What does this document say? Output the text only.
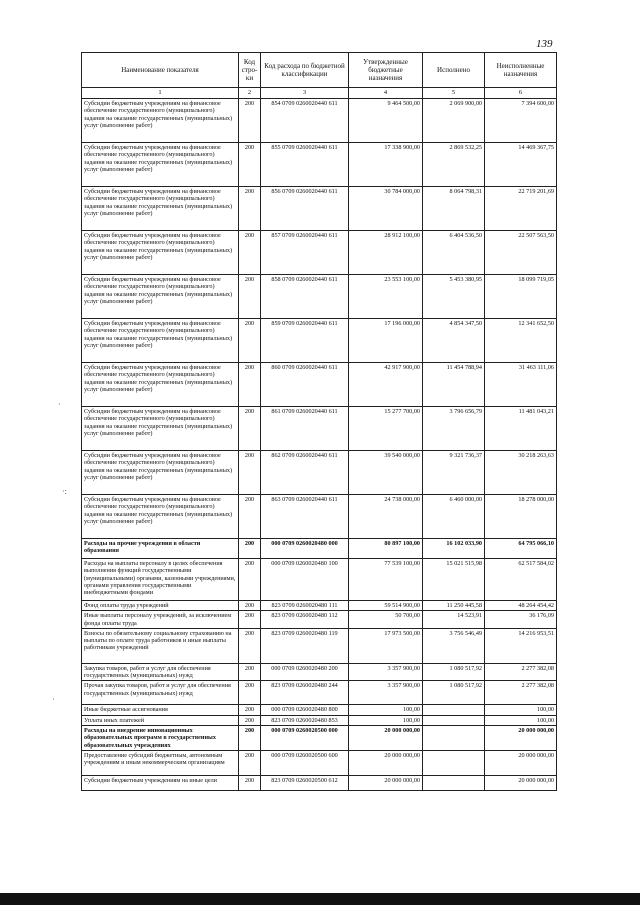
139
Наименование показателя	Код стро- ки	Код расхода по бюджетной классификации	Утвержденные бюджетные назначения	Исполнено	Неисполненные назначения
1	2	3	4	5	6
Субсидии бюджетным учреждениям на финансовое обеспечение государственного (муниципального) задания на оказание государственных (муниципальных) услуг (выполнение работ)	200	854 0709 0260020440 611	9 464 500,00	2 069 900,00	7 394 600,00
Субсидии бюджетным учреждениям на финансовое обеспечение государственного (муниципального) задания на оказание государственных (муниципальных) услуг (выполнение работ)	200	855 0709 0260020440 611	17 338 900,00	2 869 532,25	14 469 367,75
Субсидии бюджетным учреждениям на финансовое обеспечение государственного (муниципального) задания на оказание государственных (муниципальных) услуг (выполнение работ)	200	856 0709 0260020440 611	30 784 000,00	8 064 798,31	22 719 201,69
Субсидии бюджетным учреждениям на финансовое обеспечение государственного (муниципального) задания на оказание государственных (муниципальных) услуг (выполнение работ)	200	857 0709 0260020440 611	28 912 100,00	6 404 536,50	22 507 563,50
Субсидии бюджетным учреждениям на финансовое обеспечение государственного (муниципального) задания на оказание государственных (муниципальных) услуг (выполнение работ)	200	858 0709 0260020440 611	23 553 100,00	5 453 380,95	18 099 719,05
Субсидии бюджетным учреждениям на финансовое обеспечение государственного (муниципального) задания на оказание государственных (муниципальных) услуг (выполнение работ)	200	859 0709 0260020440 611	17 196 000,00	4 854 347,50	12 341 652,50
Субсидии бюджетным учреждениям на финансовое обеспечение государственного (муниципального) задания на оказание государственных (муниципальных) услуг (выполнение работ)	200	860 0709 0260020440 611	42 917 900,00	11 454 788,94	31 463 111,06
Субсидии бюджетным учреждениям на финансовое обеспечение государственного (муниципального) задания на оказание государственных (муниципальных) услуг (выполнение работ)	200	861 0709 0260020440 611	15 277 700,00	3 796 656,79	11 481 043,21
Субсидии бюджетным учреждениям на финансовое обеспечение государственного (муниципального) задания на оказание государственных (муниципальных) услуг (выполнение работ)	200	862 0709 0260020440 611	39 540 000,00	9 321 736,37	30 218 263,63
Субсидии бюджетным учреждениям на финансовое обеспечение государственного (муниципального) задания на оказание государственных (муниципальных) услуг (выполнение работ)	200	863 0709 0260020440 611	24 738 000,00	6 460 000,00	18 278 000,00
Расходы на прочие учреждения в области образования	200	000 0709 0260020480 000	80 897 100,00	16 102 033,90	64 795 066,10
Расходы на выплаты персоналу в целях обеспечения выполнения функций государственными (муниципальными) органами, казенными учреждениями, органами управления государственными внебюджетными фондами	200	000 0709 0260020480 100	77 539 100,00	15 021 515,98	62 517 584,02
Фонд оплаты труда учреждений	200	823 0709 0260020480 111	59 514 900,00	11 250 445,58	48 264 454,42
Иные выплаты персоналу учреждений, за исключением фонда оплаты труда	200	823 0709 0260020480 112	50 700,00	14 523,91	36 176,09
Взносы по обязательному социальному страхованию на выплаты по оплате труда работников и иные выплаты работникам учреждений	200	823 0709 0260020480 119	17 973 500,00	3 756 546,49	14 216 953,51
Закупка товаров, работ и услуг для обеспечения государственных (муниципальных) нужд	200	000 0709 0260020480 200	3 357 900,00	1 080 517,92	2 277 382,08
Прочая закупка товаров, работ и услуг для обеспечения государственных (муниципальных) нужд	200	823 0709 0260020480 244	3 357 900,00	1 080 517,92	2 277 382,08
Иные бюджетные ассигнования	200	000 0709 0260020480 800	100,00		100,00
Уплата иных платежей	200	823 0709 0260020480 853	100,00		100,00
Расходы на внедрение инновационных образовательных программ в государственных образовательных учреждениях	200	000 0709 0260020500 000	20 000 000,00		20 000 000,00
Предоставление субсидий бюджетным, автономным учреждениям и иным некоммерческим организациям	200	000 0709 0260020500 600	20 000 000,00		20 000 000,00
Субсидии бюджетным учреждениям на иные цели	200	823 0709 0260020500 612	20 000 000,00		20 000 000,00
·
·:
·
